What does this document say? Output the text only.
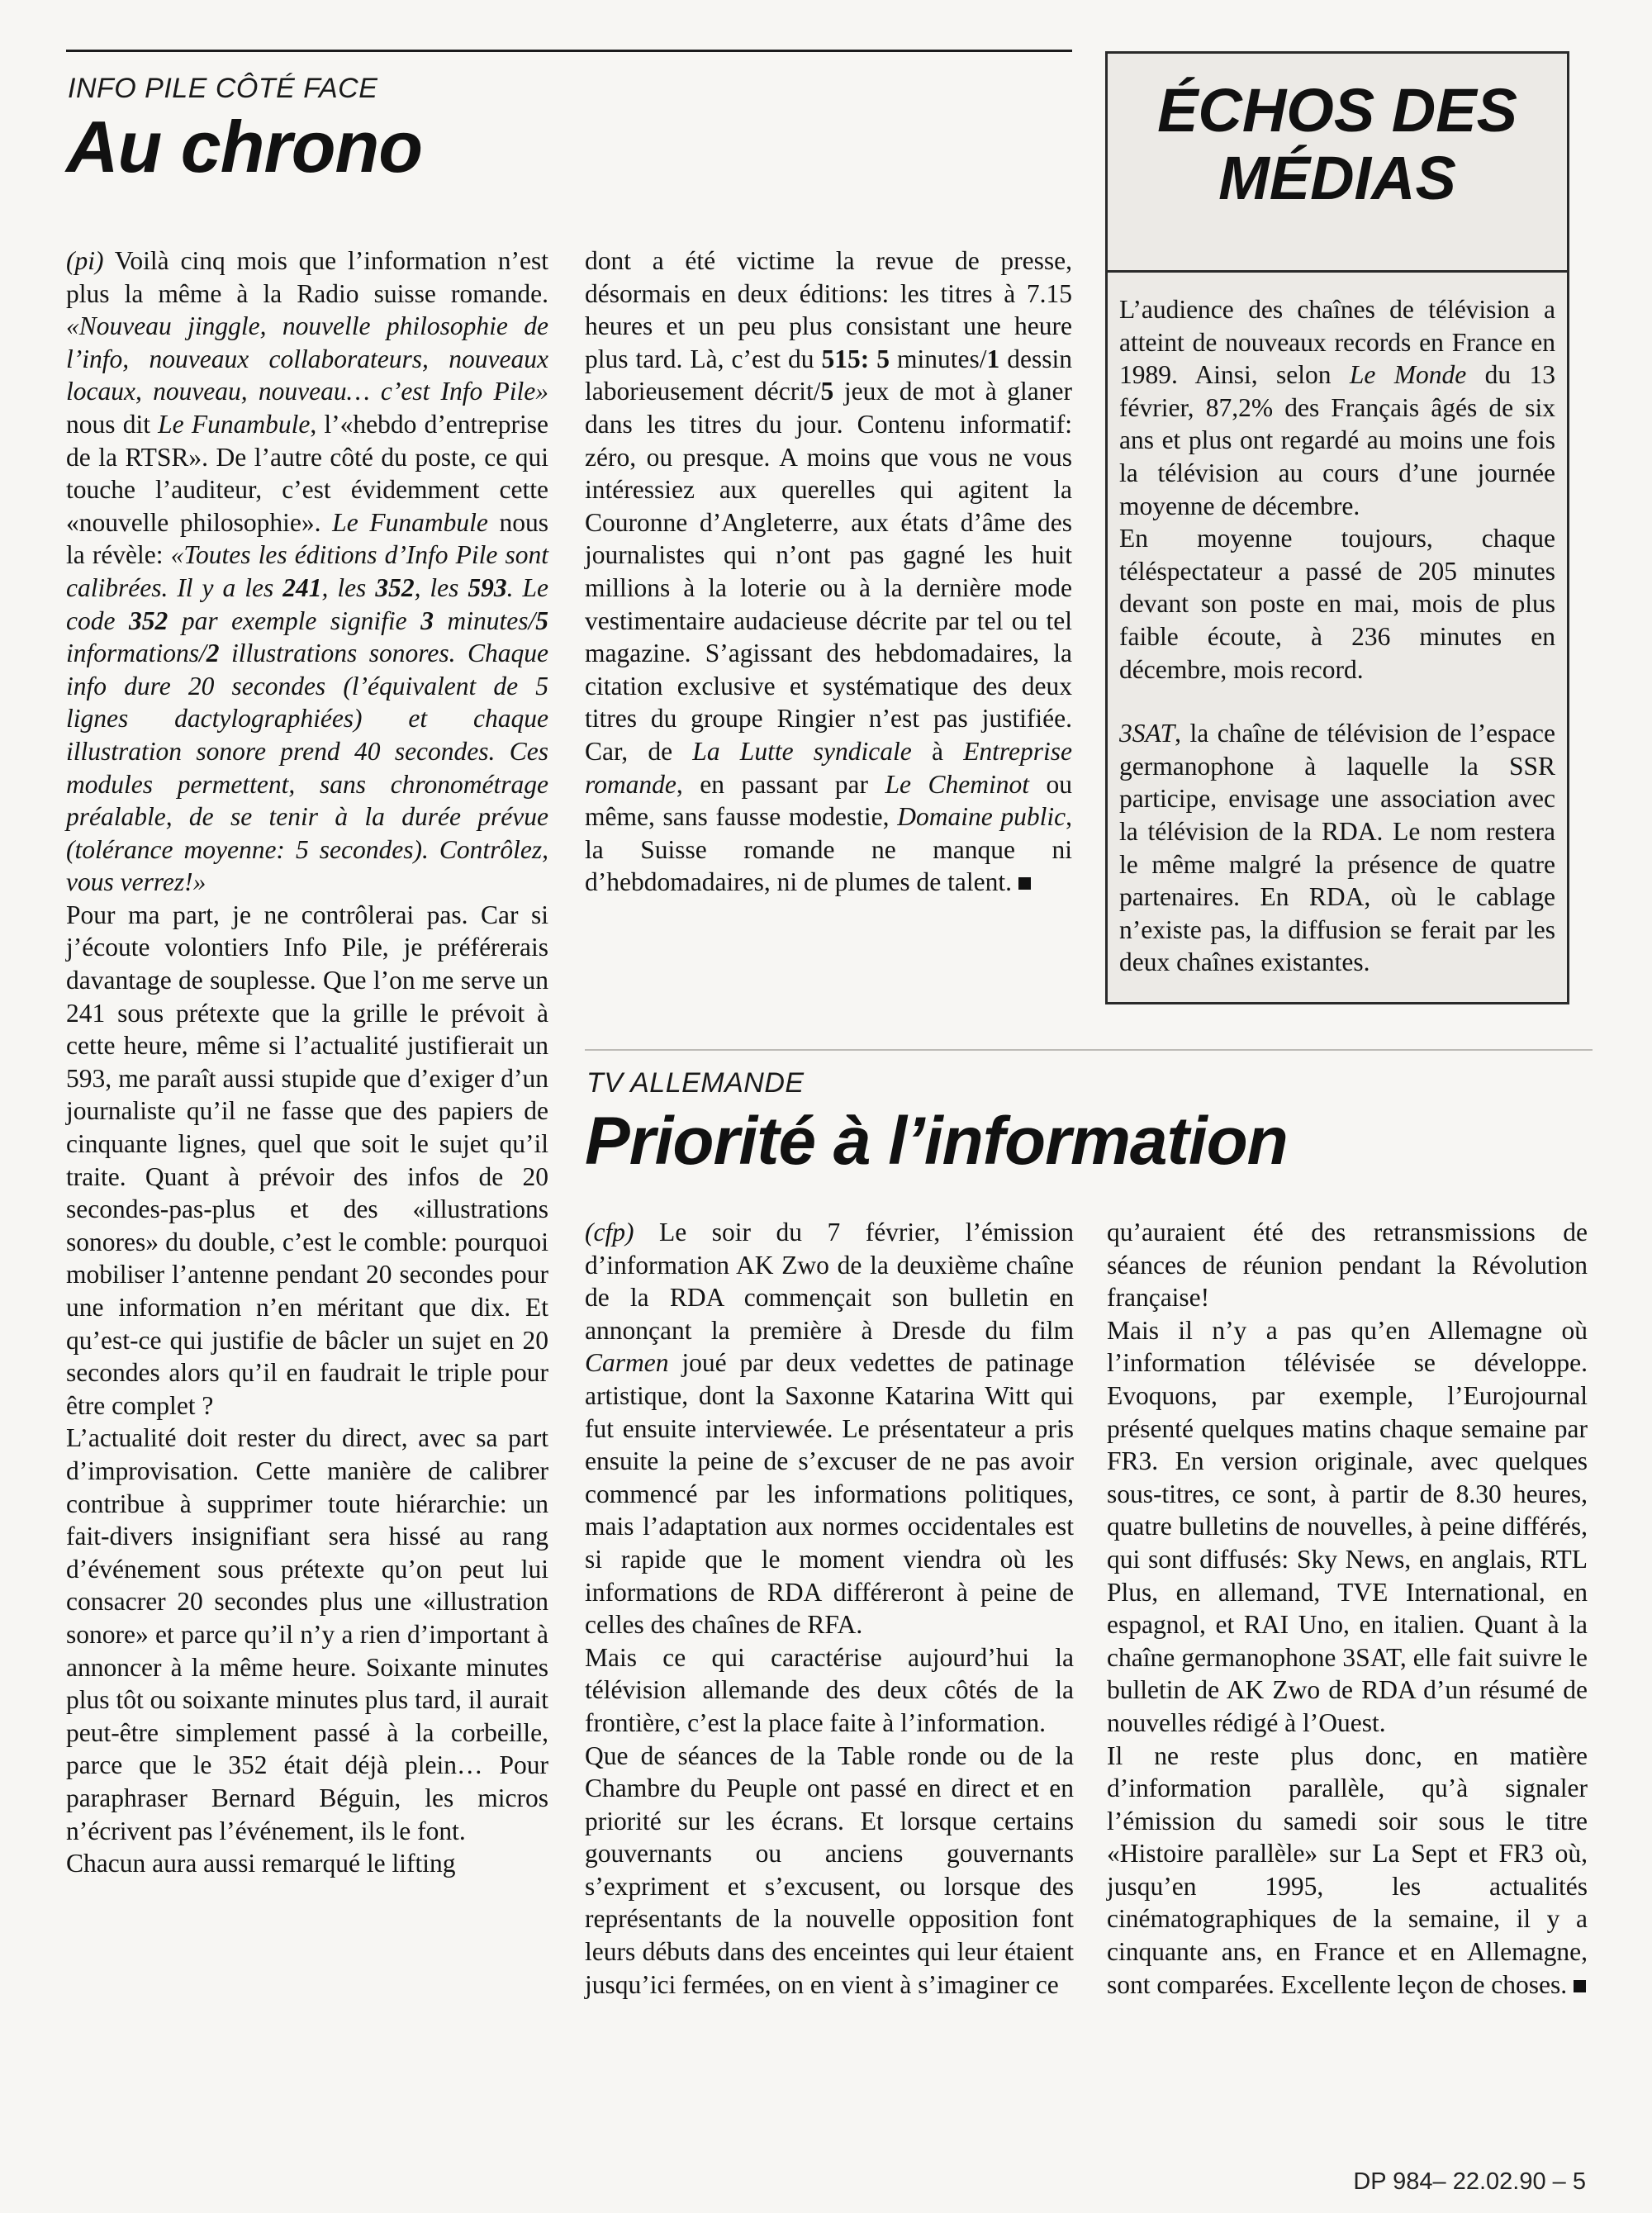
INFO PILE CÔTÉ FACE
Au chrono

(pi) Voilà cinq mois que l’information n’est plus la même à la Radio suisse romande. «Nouveau jinggle, nouvelle philosophie de l’info, nouveaux collaborateurs, nouveaux locaux, nouveau, nouveau… c’est Info Pile» nous dit Le Funambule, l’«hebdo d’entreprise de la RTSR». De l’autre côté du poste, ce qui touche l’auditeur, c’est évidemment cette «nouvelle philosophie». Le Funambule nous la révèle: «Toutes les éditions d’Info Pile sont calibrées. Il y a les 241, les 352, les 593. Le code 352 par exemple signifie 3 minutes/5 informations/2 illustrations sonores. Chaque info dure 20 secondes (l’équivalent de 5 lignes dactylographiées) et chaque illustration sonore prend 40 secondes. Ces modules permettent, sans chronométrage préalable, de se tenir à la durée prévue (tolérance moyenne: 5 secondes). Contrôlez, vous verrez!»

Pour ma part, je ne contrôlerai pas. Car si j’écoute volontiers Info Pile, je préférerais davantage de souplesse. Que l’on me serve un 241 sous prétexte que la grille le prévoit à cette heure, même si l’actualité justifierait un 593, me paraît aussi stupide que d’exiger d’un journaliste qu’il ne fasse que des papiers de cinquante lignes, quel que soit le sujet qu’il traite. Quant à prévoir des infos de 20 secondes-pas-plus et des «illustrations sonores» du double, c’est le comble: pourquoi mobiliser l’antenne pendant 20 secondes pour une information n’en méritant que dix. Et qu’est-ce qui justifie de bâcler un sujet en 20 secondes alors qu’il en faudrait le triple pour être complet ?

L’actualité doit rester du direct, avec sa part d’improvisation. Cette manière de calibrer contribue à supprimer toute hiérarchie: un fait-divers insignifiant sera hissé au rang d’événement sous prétexte qu’on peut lui consacrer 20 secondes plus une «illustration sonore» et parce qu’il n’y a rien d’important à annoncer à la même heure. Soixante minutes plus tôt ou soixante minutes plus tard, il aurait peut-être simplement passé à la corbeille, parce que le 352 était déjà plein… Pour paraphraser Bernard Béguin, les micros n’écrivent pas l’événement, ils le font.

Chacun aura aussi remarqué le lifting

dont a été victime la revue de presse, désormais en deux éditions: les titres à 7.15 heures et un peu plus consistant une heure plus tard. Là, c’est du 515: 5 minutes/1 dessin laborieusement décrit/5 jeux de mot à glaner dans les titres du jour. Contenu informatif: zéro, ou presque. A moins que vous ne vous intéressiez aux querelles qui agitent la Couronne d’Angleterre, aux états d’âme des journalistes qui n’ont pas gagné les huit millions à la loterie ou à la dernière mode vestimentaire audacieuse décrite par tel ou tel magazine. S’agissant des hebdomadaires, la citation exclusive et systématique des deux titres du groupe Ringier n’est pas justifiée. Car, de La Lutte syndicale à Entreprise romande, en passant par Le Cheminot ou même, sans fausse modestie, Domaine public, la Suisse romande ne manque ni d’hebdomadaires, ni de plumes de talent.

ÉCHOS DES
MÉDIAS

L’audience des chaînes de télévision a atteint de nouveaux records en France en 1989. Ainsi, selon Le Monde du 13 février, 87,2% des Français âgés de six ans et plus ont regardé au moins une fois la télévision au cours d’une journée moyenne de décembre.

En moyenne toujours, chaque téléspectateur a passé de 205 minutes devant son poste en mai, mois de plus faible écoute, à 236 minutes en décembre, mois record.

3SAT, la chaîne de télévision de l’espace germanophone à laquelle la SSR participe, envisage une association avec la télévision de la RDA. Le nom restera le même malgré la présence de quatre partenaires. En RDA, où le cablage n’existe pas, la diffusion se ferait par les deux chaînes existantes.

TV ALLEMANDE
Priorité à l’information

(cfp) Le soir du 7 février, l’émission d’information AK Zwo de la deuxième chaîne de la RDA commençait son bulletin en annonçant la première à Dresde du film Carmen joué par deux vedettes de patinage artistique, dont la Saxonne Katarina Witt qui fut ensuite interviewée. Le présentateur a pris ensuite la peine de s’excuser de ne pas avoir commencé par les informations politiques, mais l’adaptation aux normes occidentales est si rapide que le moment viendra où les informations de RDA différeront à peine de celles des chaînes de RFA.

Mais ce qui caractérise aujourd’hui la télévision allemande des deux côtés de la frontière, c’est la place faite à l’information.

Que de séances de la Table ronde ou de la Chambre du Peuple ont passé en direct et en priorité sur les écrans. Et lorsque certains gouvernants ou anciens gouvernants s’expriment et s’excusent, ou lorsque des représentants de la nouvelle opposition font leurs débuts dans des enceintes qui leur étaient jusqu’ici fermées, on en vient à s’imaginer ce

qu’auraient été des retransmissions de séances de réunion pendant la Révolution française!

Mais il n’y a pas qu’en Allemagne où l’information télévisée se développe. Evoquons, par exemple, l’Eurojournal présenté quelques matins chaque semaine par FR3. En version originale, avec quelques sous-titres, ce sont, à partir de 8.30 heures, quatre bulletins de nouvelles, à peine différés, qui sont diffusés: Sky News, en anglais, RTL Plus, en allemand, TVE International, en espagnol, et RAI Uno, en italien. Quant à la chaîne germanophone 3SAT, elle fait suivre le bulletin de AK Zwo de RDA d’un résumé de nouvelles rédigé à l’Ouest.

Il ne reste plus donc, en matière d’information parallèle, qu’à signaler l’émission du samedi soir sous le titre «Histoire parallèle» sur La Sept et FR3 où, jusqu’en 1995, les actualités cinématographiques de la semaine, il y a cinquante ans, en France et en Allemagne, sont comparées. Excellente leçon de choses.

DP 984– 22.02.90 – 5
